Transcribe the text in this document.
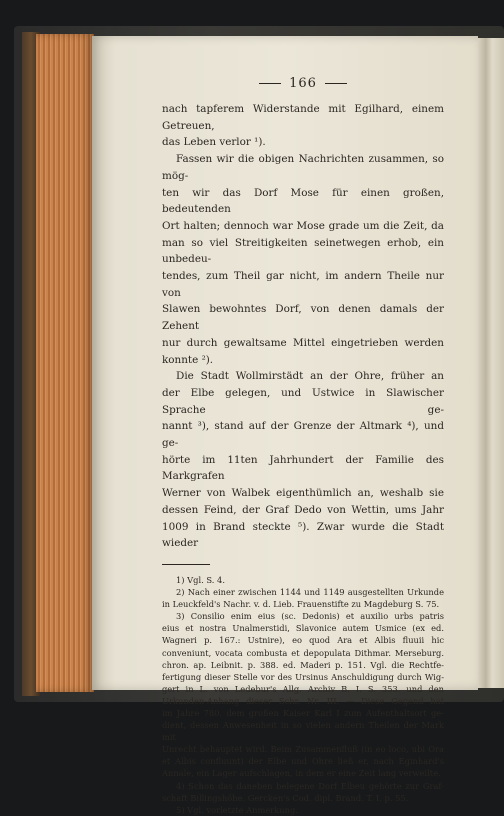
166

nach tapferem Widerstande mit Egilhard, einem Getreuen,

das Leben verlor ¹).

Fassen wir die obigen Nachrichten zusammen, so mög-

ten wir das Dorf Mose für einen großen, bedeutenden

Ort halten; dennoch war Mose grade um die Zeit, da

man so viel Streitigkeiten seinetwegen erhob, ein unbedeu-

tendes, zum Theil gar nicht, im andern Theile nur von

Slawen bewohntes Dorf, von denen damals der Zehent

nur durch gewaltsame Mittel eingetrieben werden konnte ²).

Die Stadt Wollmirstädt an der Ohre, früher an

der Elbe gelegen, und Ustwice in Slawischer Sprache ge-

nannt ³), stand auf der Grenze der Altmark ⁴), und ge-

hörte im 11ten Jahrhundert der Familie des Markgrafen

Werner von Walbek eigenthümlich an, weshalb sie

dessen Feind, der Graf Dedo von Wettin, ums Jahr

1009 in Brand steckte ⁵). Zwar wurde die Stadt wieder

1) Vgl. S. 4.

2) Nach einer zwischen 1144 und 1149 ausgestellten Urkunde

in Leuckfeld's Nachr. v. d. Lieb. Frauenstifte zu Magdeburg S. 75.

3) Consilio enim eius (sc. Dedonis) et auxilio urbs patris

eius et nostra Unalmerstidi, Slavonice autem Usmice (ex ed.

Wagneri p. 167.: Ustnire), eo quod Ara et Albis fluuii hic

conveniunt, vocata combusta et depopulata Dithmar. Merseburg.

chron. ap. Leibnit. p. 388. ed. Maderi p. 151. Vgl. die Rechtfe-

fertigung dieser Stelle vor des Ursinus Anschuldigung durch Wig-

gert in L. von Ledebur's Allg. Archiv B. I. S. 353. und den

Urkunden-Anhang dieser Schr. Nr. III. — Diese Gegend hat

im Jahre 780. dem großen Kaiser Karl I zum Aufenthaltsort ge-

dient, dessen Anwesenheit in so vielen andern Theilen der Mark mit

Unrecht behauptet wird. Beim Zusammenfluß (in eo loco, ubi Ora

et Albis confluunt) der Elbe und Ohre ließ er, nach Eginhard's

Annale, ein Lager aufschlagen, in dem er eine Zeit lang verweilte.

4) Schon das daneben belegene Dorf Elbeu gehörte zur Graf-

schaft Billingshöhe. Gercken's Cod. dipl. Brand. T. I. p. 55.

5) Vgl. vorletzte Anmerkung.
